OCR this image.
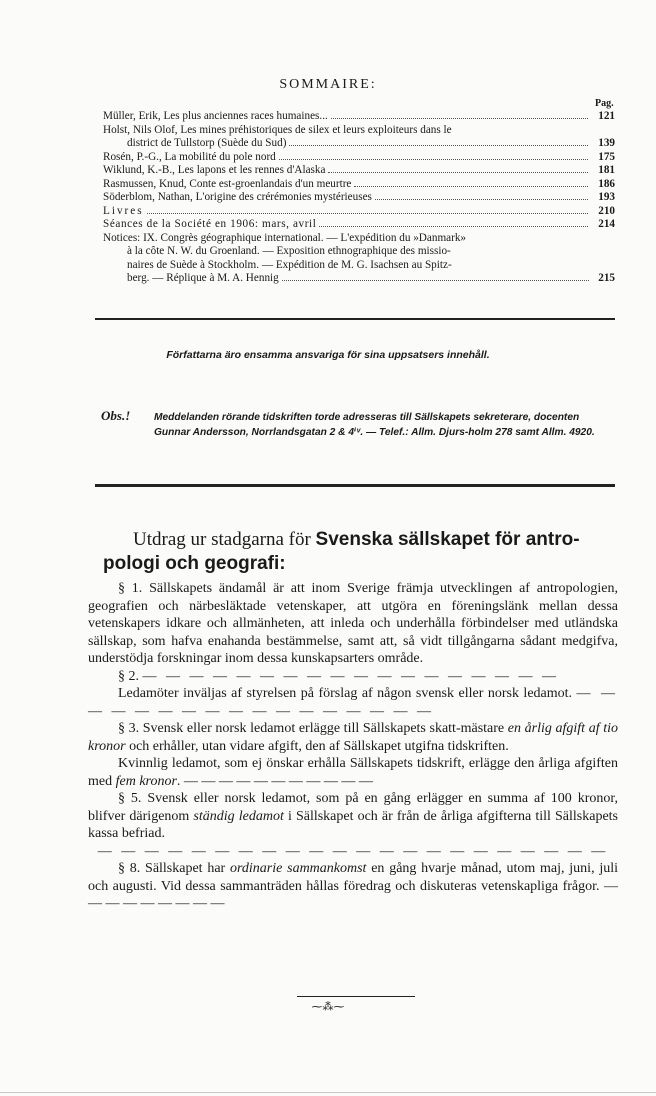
SOMMAIRE:
Pag.
Müller, Erik, Les plus anciennes races humaines...	121
Holst, Nils Olof, Les mines préhistoriques de silex et leurs exploiteurs dans le
district de Tullstorp (Suède du Sud)	139
Rosén, P.-G., La mobilité du pole nord	175
Wiklund, K.-B., Les lapons et les rennes d'Alaska	181
Rasmussen, Knud, Conte est-groenlandais d'un meurtre	186
Söderblom, Nathan, L'origine des crérémonies mystérieuses	193
Livres	210
Séances de la Société en 1906: mars, avril	214
Notices: IX. Congrès géographique international. — L'expédition du »Danmark»
à la côte N. W. du Groenland. — Exposition ethnographique des missio-
naires de Suède à Stockholm. — Expédition de M. G. Isachsen au Spitz-
berg. — Réplique à M. A. Hennig	215
Författarna äro ensamma ansvariga för sina uppsatsers innehåll.
Obs.! Meddelanden rörande tidskriften torde adresseras till Sällskapets sekreterare, docenten Gunnar Andersson, Norrlandsgatan 2 & 4ⁱᵛ. — Telef.: Allm. Djurs-holm 278 samt Allm. 4920.
Utdrag ur stadgarna för Svenska sällskapet för antro-pologi och geografi:

§ 1. Sällskapets ändamål är att inom Sverige främja utvecklingen af antropologien, geografien och närbesläktade vetenskaper, att utgöra en föreningslänk mellan dessa vetenskapers idkare och allmänheten, att inleda och underhålla förbindelser med utländska sällskap, som hafva enahanda bestämmelse, samt att, så vidt tillgångarna sådant medgifva, understödja forskningar inom dessa kunskapsarters område.

§ 2. — — — — — — — — — — — — — — — — — —

Ledamöter inväljas af styrelsen på förslag af någon svensk eller norsk ledamot. — — — — — — — — — — — — — — — — —

§ 3. Svensk eller norsk ledamot erlägge till Sällskapets skatt-mästare en årlig afgift af tio kronor och erhåller, utan vidare afgift, den af Sällskapet utgifna tidskriften.

Kvinnlig ledamot, som ej önskar erhålla Sällskapets tidskrift, erlägge den årliga afgiften med fem kronor. — — — — — — — — — — —

§ 5. Svensk eller norsk ledamot, som på en gång erlägger en summa af 100 kronor, blifver därigenom ständig ledamot i Sällskapet och är från de årliga afgifterna till Sällskapets kassa befriad.

— — — — — — — — — — — — — — — — — — — — — —

§ 8. Sällskapet har ordinarie sammankomst en gång hvarje månad, utom maj, juni, juli och augusti. Vid dessa sammanträden hållas föredrag och diskuteras vetenskapliga frågor. — — — — — — — — —

⁓⁂⁓
